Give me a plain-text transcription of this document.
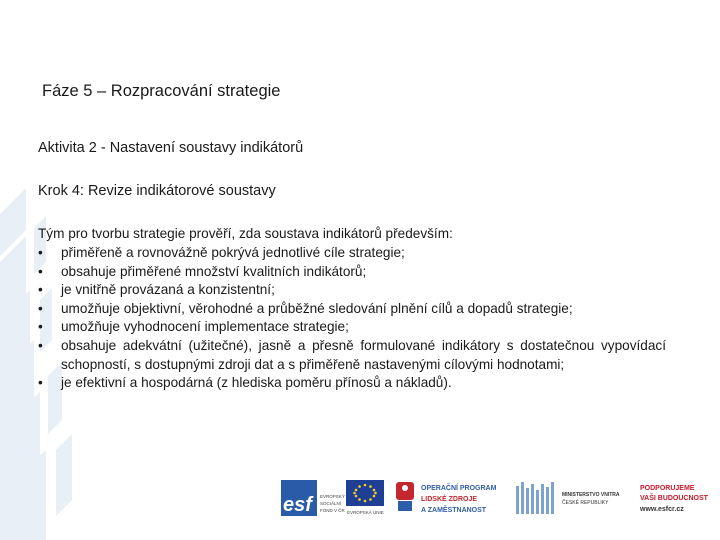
Fáze 5 – Rozpracování strategie
Aktivita 2 - Nastavení soustavy indikátorů
Krok 4: Revize indikátorové soustavy
Tým pro tvorbu strategie prověří, zda soustava indikátorů především:
• přiměřeně a rovnovážně pokrývá jednotlivé cíle strategie;
• obsahuje přiměřené množství kvalitních indikátorů;
• je vnitřně provázaná a konzistentní;
• umožňuje objektivní, věrohodné a průběžné sledování plnění cílů a dopadů strategie;
• umožňuje vyhodnocení implementace strategie;
• obsahuje adekvátní (užitečné), jasně a přesně formulované indikátory s dostatečnou vypovídací schopností, s dostupnými zdroji dat a s přiměřeně nastavenými cílovými hodnotami;
• je efektivní a hospodárná (z hlediska poměru přínosů a nákladů).
esf	EVROPSKÝ
SOCIÁLNÍ
FOND V ČR EVROPSKÁ UNIE
OPERAČNÍ PROGRAM
LIDSKÉ ZDROJE
A ZAMĚSTNANOST
MINISTERSTVO VNITRA
ČESKÉ REPUBLIKY
PODPORUJEME
VAŠI BUDOUCNOST
www.esfcr.cz
